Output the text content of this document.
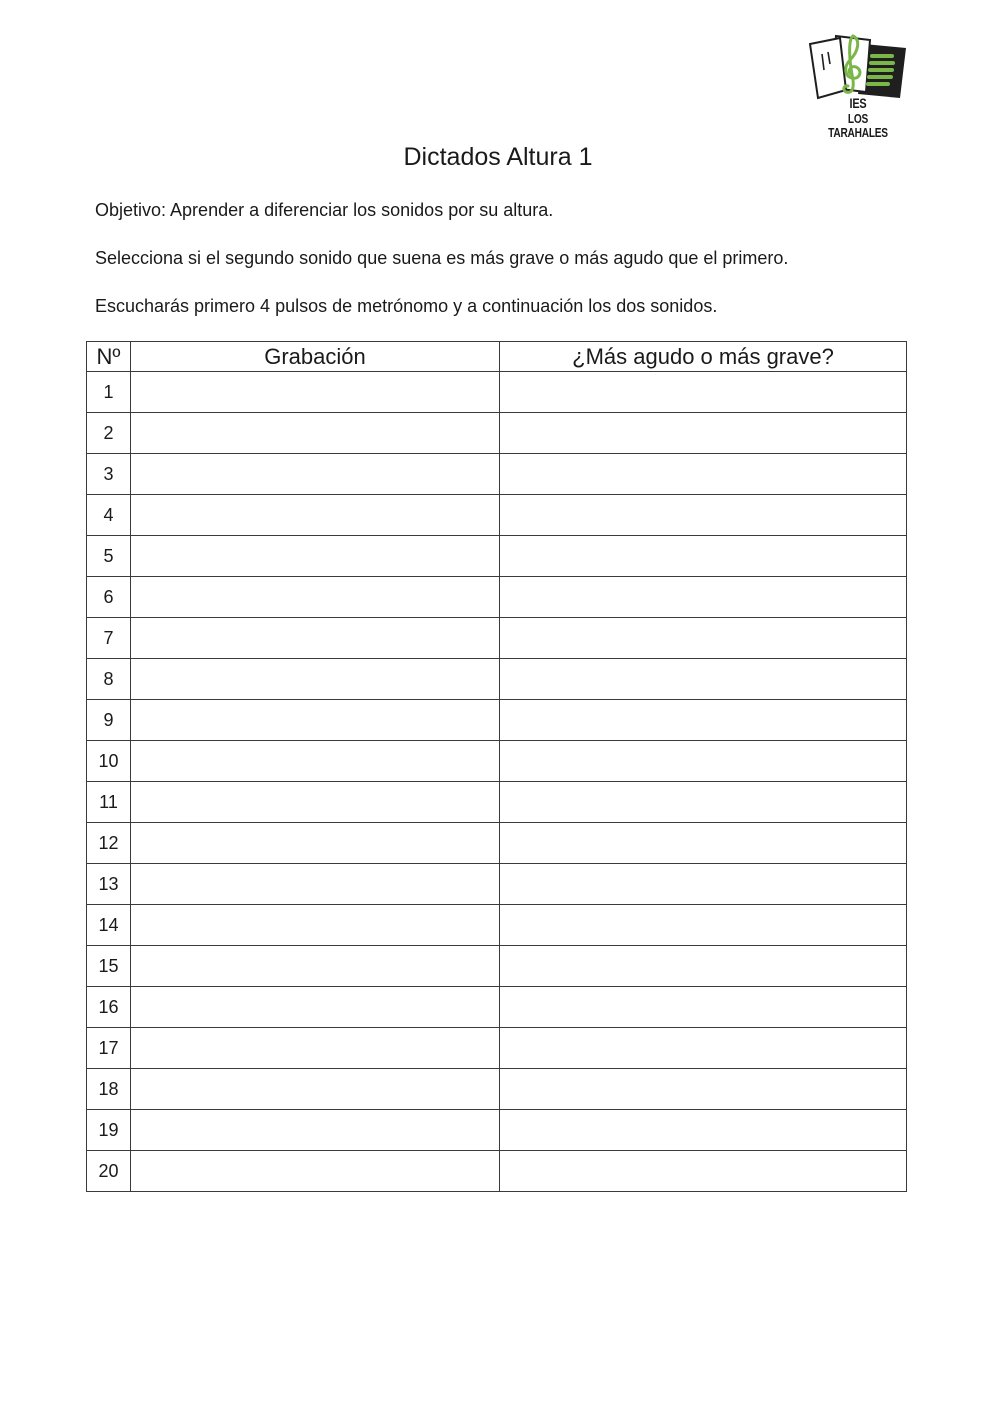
IES
LOS TARAHALES
Dictados Altura 1
Objetivo: Aprender a diferenciar los sonidos por su altura.
Selecciona si el segundo sonido que suena es más grave o más agudo que el primero.
Escucharás primero 4 pulsos de metrónomo y a continuación los dos sonidos.
Nº	Grabación	¿Más agudo o más grave?
1		
2		
3		
4		
5		
6		
7		
8		
9		
10		
11		
12		
13		
14		
15		
16		
17		
18		
19		
20		
